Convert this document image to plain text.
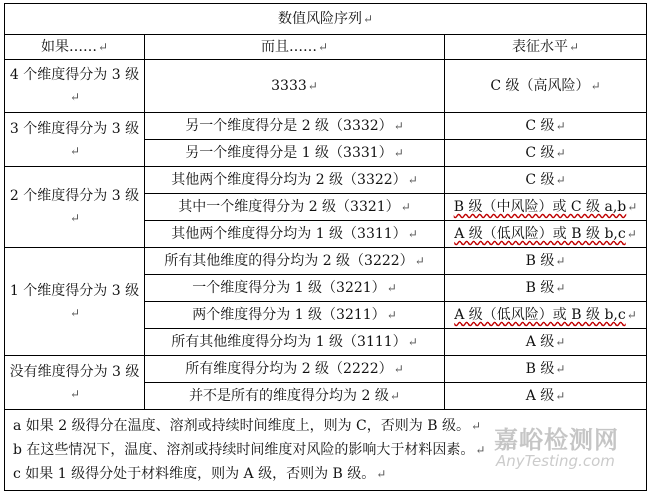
数值风险序列↵		
如果……↵	而且……↵	表征水平↵
4 个维度得分为 3 级↵	3333↵	C 级（高风险）↵
3 个维度得分为 3 级↵	另一个维度得分是 2 级（3332）↵	C 级↵
	另一个维度得分是 1 级（3331）↵	C 级↵
2 个维度得分为 3 级↵	其他两个维度得分均为 2 级（3322）↵	C 级↵
	其中一个维度得分为 2 级（3321）↵	B 级（中风险）或 C 级 a,b↵
	其他两个维度得分均为 1 级（3311）↵	A 级（低风险）或 B 级 b,c↵
1 个维度得分为 3 级↵	所有其他维度的得分均为 2 级（3222）↵	B 级↵
	一个维度得分为 1 级（3221）↵	B 级↵
	两个维度得分为 1 级（3211）↵	A 级（低风险）或 B 级 b,c↵
	所有其他维度得分均为 1 级（3111）↵	A 级↵
没有维度得分为 3 级↵	所有维度得分均为 2 级（2222）↵	B 级↵
	并不是所有的维度得分均为 2 级↵	A 级↵

a 如果 2 级得分在温度、溶剂或持续时间维度上，则为 C，否则为 B 级。↵
b 在这些情况下，温度、溶剂或持续时间维度对风险的影响大于材料因素。↵
c 如果 1 级得分处于材料维度，则为 A 级，否则为 B 级。↵		
嘉峪检测网
AnyTesting.com
